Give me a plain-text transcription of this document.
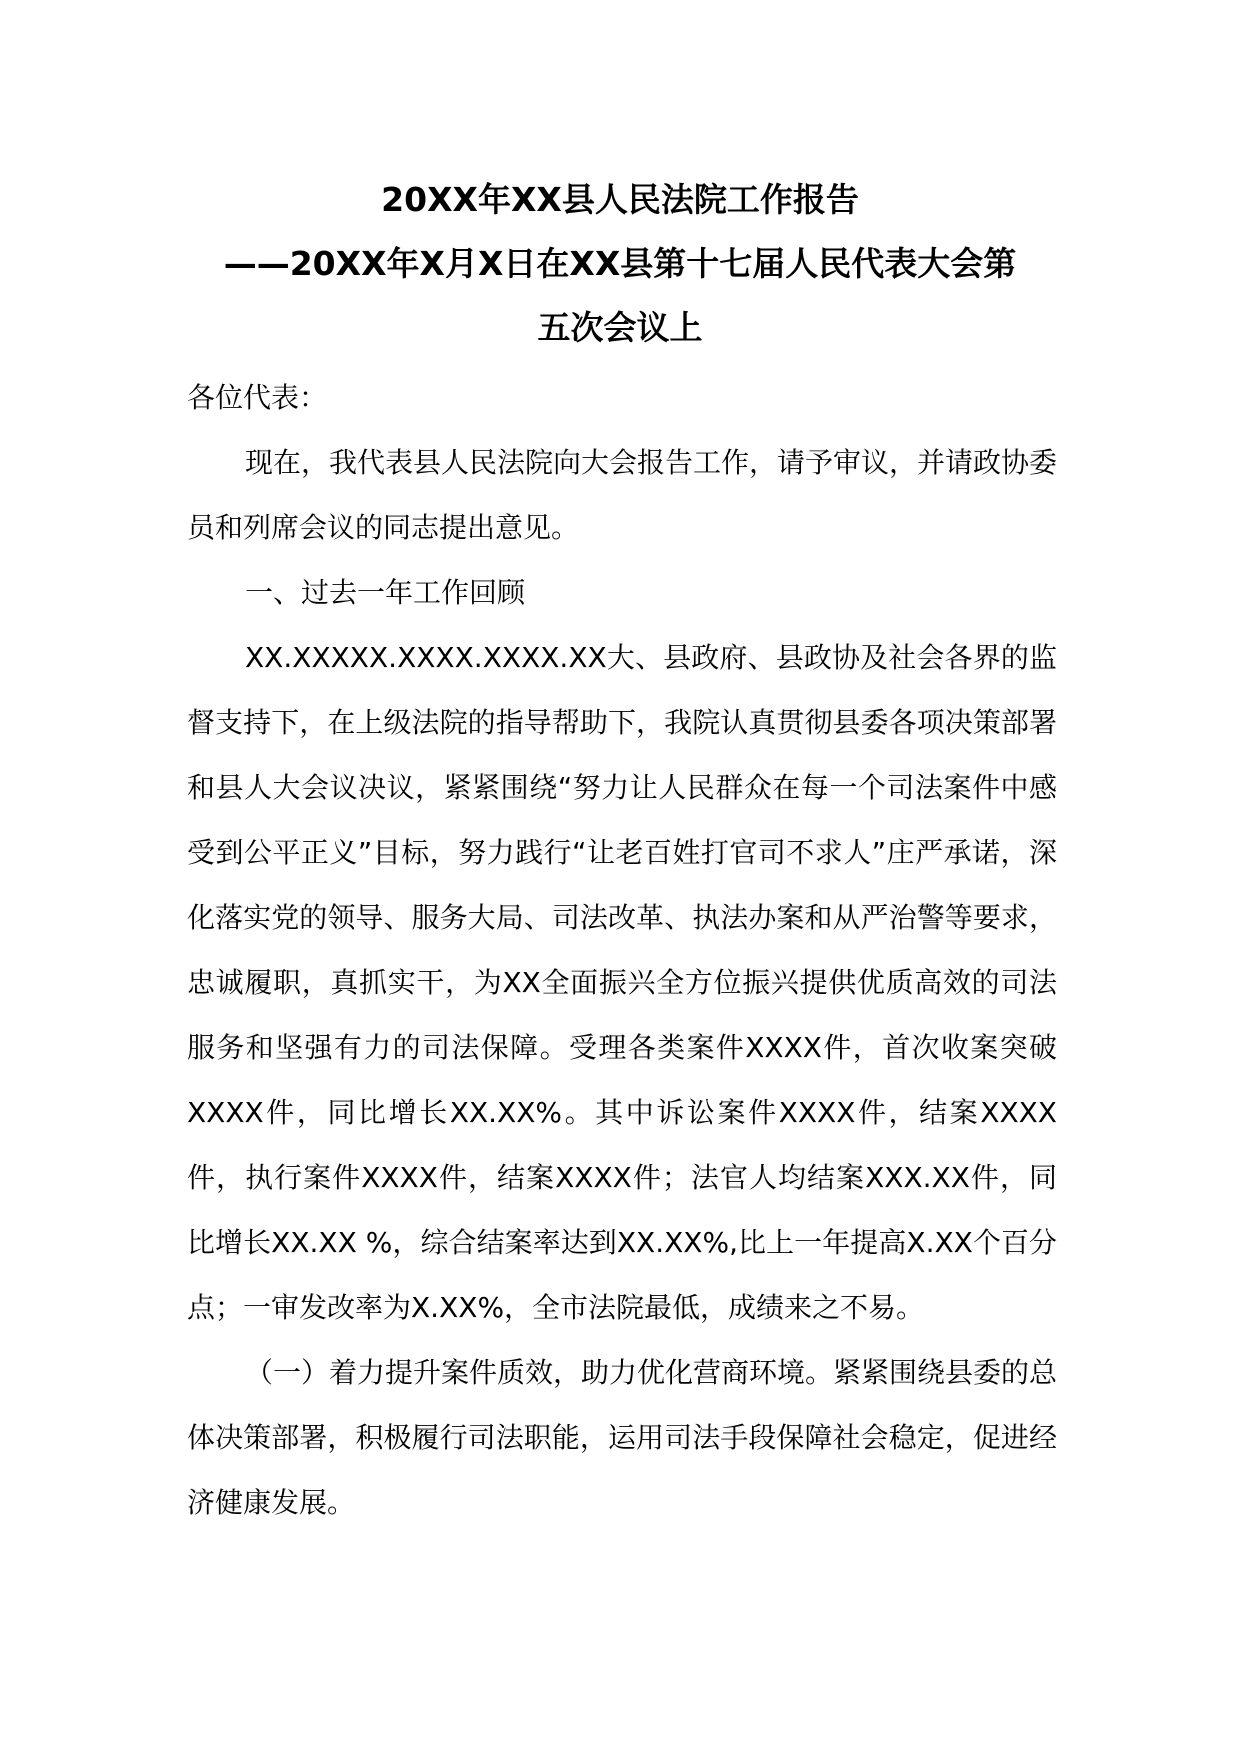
20XX年XX县人民法院工作报告
——20XX年X月X日在XX县第十七届人民代表大会第
五次会议上

各位代表：

现在，我代表县人民法院向大会报告工作，请予审议，并请政协委员和列席会议的同志提出意见。

一、过去一年工作回顾

XX.XXXXX.XXXX.XXXX.XX大、县政府、县政协及社会各界的监督支持下，在上级法院的指导帮助下，我院认真贯彻县委各项决策部署和县人大会议决议，紧紧围绕“努力让人民群众在每一个司法案件中感受到公平正义”目标，努力践行“让老百姓打官司不求人”庄严承诺，深化落实党的领导、服务大局、司法改革、执法办案和从严治警等要求，忠诚履职，真抓实干，为XX全面振兴全方位振兴提供优质高效的司法服务和坚强有力的司法保障。受理各类案件XXXX件，首次收案突破XXXX件，同比增长XX.XX%。其中诉讼案件XXXX件，结案XXXX件，执行案件XXXX件，结案XXXX件；法官人均结案XXX.XX件，同比增长XX.XX %，综合结案率达到XX.XX%,比上一年提高X.XX个百分点；一审发改率为X.XX%，全市法院最低，成绩来之不易。

（一）着力提升案件质效，助力优化营商环境。紧紧围绕县委的总体决策部署，积极履行司法职能，运用司法手段保障社会稳定，促进经济健康发展。
